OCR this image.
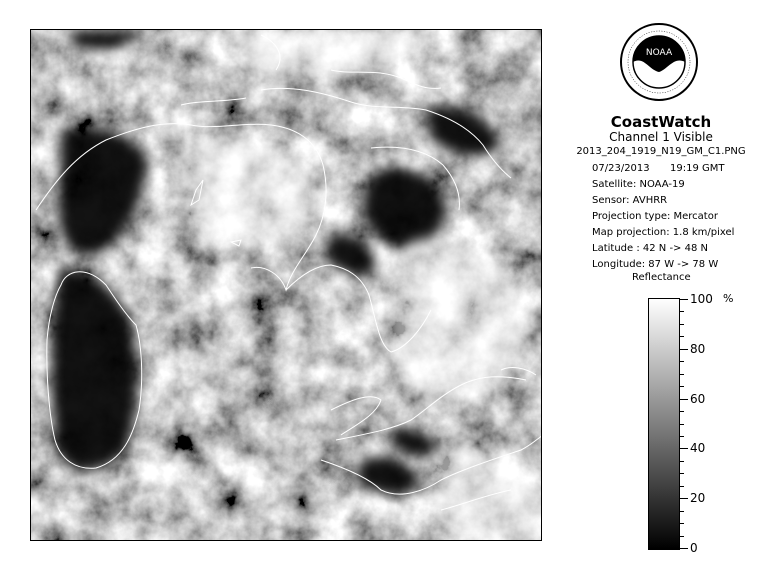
NOAA
CoastWatch
Channel 1 Visible
2013_204_1919_N19_GM_C1.PNG
07/23/2013 19:19 GMT
Satellite: NOAA-19
Sensor: AVHRR
Projection type: Mercator
Map projection: 1.8 km/pixel
Latitude : 42 N -> 48 N
Longitude: 87 W -> 78 W
Reflectance
%
100
80
60
40
20
0
